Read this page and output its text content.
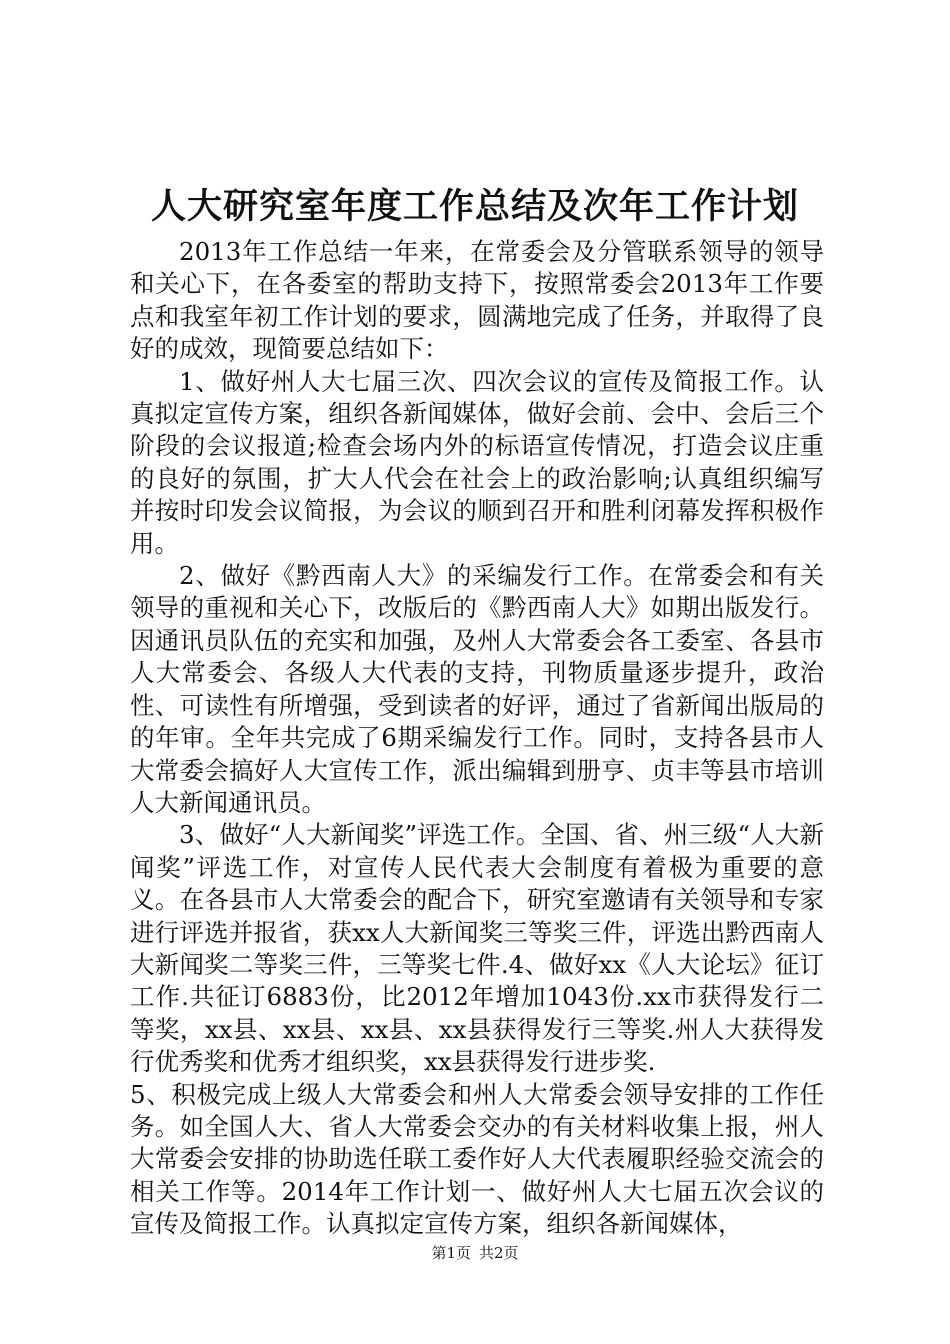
人大研究室年度工作总结及次年工作计划

2013年工作总结一年来，在常委会及分管联系领导的领导和关心下，在各委室的帮助支持下，按照常委会2013年工作要点和我室年初工作计划的要求，圆满地完成了任务，并取得了良好的成效，现简要总结如下：

1、做好州人大七届三次、四次会议的宣传及简报工作。认真拟定宣传方案，组织各新闻媒体，做好会前、会中、会后三个阶段的会议报道;检查会场内外的标语宣传情况，打造会议庄重的良好的氛围，扩大人代会在社会上的政治影响;认真组织编写并按时印发会议简报，为会议的顺到召开和胜利闭幕发挥积极作用。

2、做好《黔西南人大》的采编发行工作。在常委会和有关领导的重视和关心下，改版后的《黔西南人大》如期出版发行。因通讯员队伍的充实和加强，及州人大常委会各工委室、各县市人大常委会、各级人大代表的支持，刊物质量逐步提升，政治性、可读性有所增强，受到读者的好评，通过了省新闻出版局的的年审。全年共完成了6期采编发行工作。同时，支持各县市人大常委会搞好人大宣传工作，派出编辑到册亨、贞丰等县市培训人大新闻通讯员。

3、做好“人大新闻奖”评选工作。全国、省、州三级“人大新闻奖”评选工作，对宣传人民代表大会制度有着极为重要的意义。在各县市人大常委会的配合下，研究室邀请有关领导和专家进行评选并报省，获xx人大新闻奖三等奖三件，评选出黔西南人大新闻奖二等奖三件，三等奖七件.4、做好xx《人大论坛》征订工作.共征订6883份，比2012年增加1043份.xx市获得发行二等奖，xx县、xx县、xx县、xx县获得发行三等奖.州人大获得发行优秀奖和优秀才组织奖，xx县获得发行进步奖.

5、积极完成上级人大常委会和州人大常委会领导安排的工作任务。如全国人大、省人大常委会交办的有关材料收集上报，州人大常委会安排的协助选任联工委作好人大代表履职经验交流会的相关工作等。2014年工作计划一、做好州人大七届五次会议的宣传及简报工作。认真拟定宣传方案，组织各新闻媒体，

第1页 共2页
